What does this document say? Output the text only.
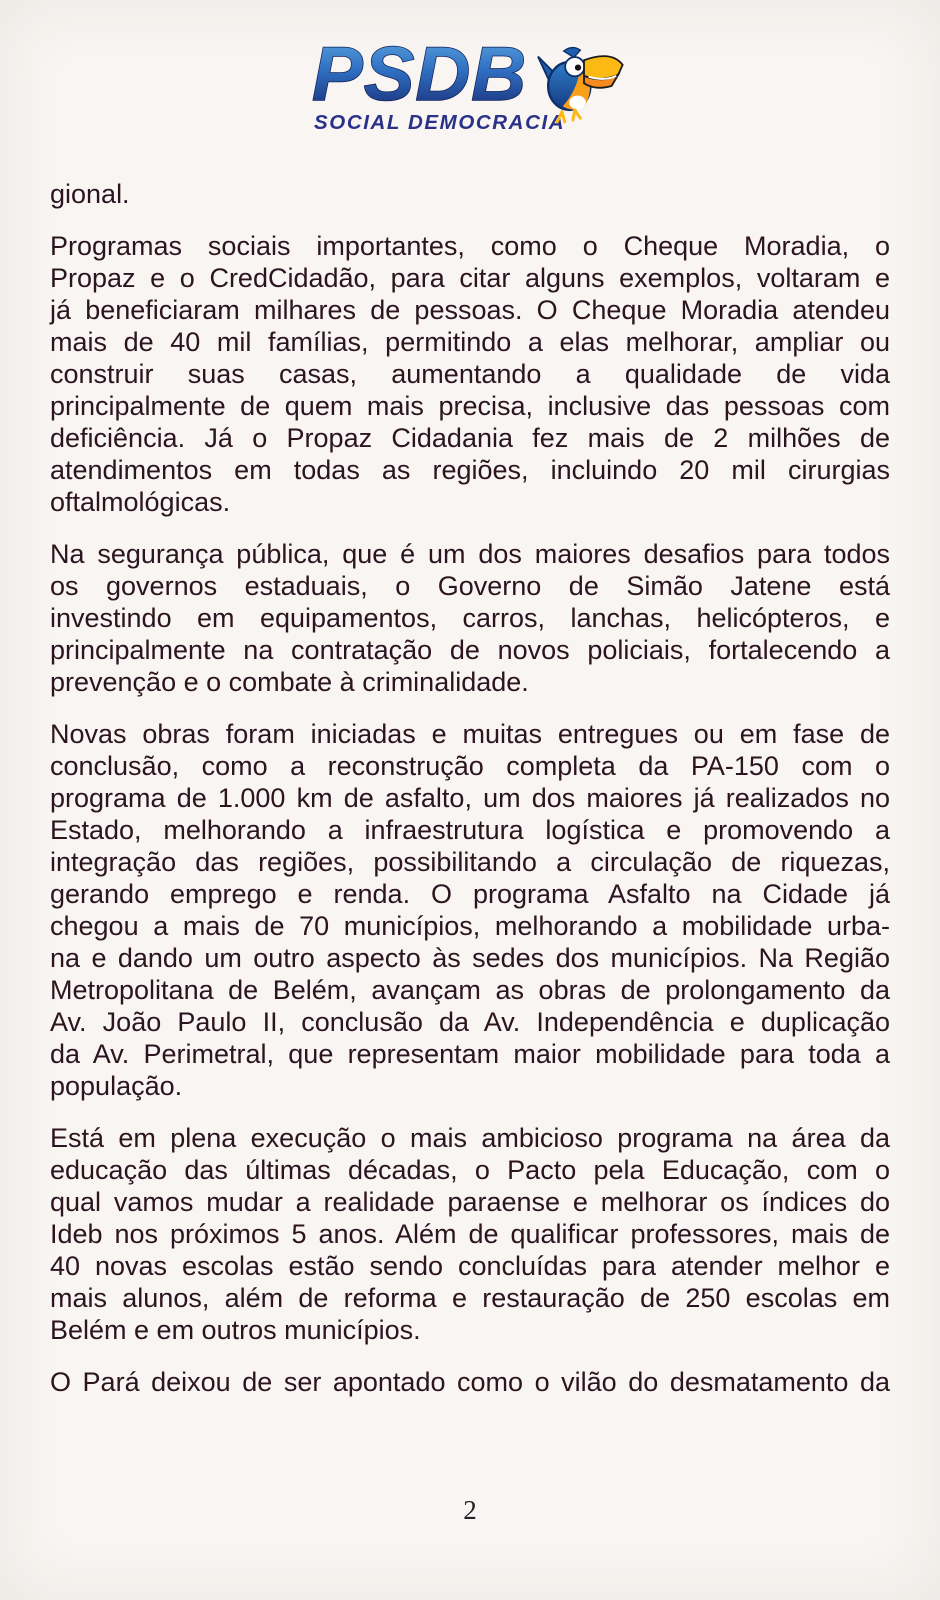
PSDB
SOCIAL DEMOCRACIA
gional.
Programas sociais importantes, como o Cheque Moradia, o
Propaz e o CredCidadão, para citar alguns exemplos, voltaram e
já beneficiaram milhares de pessoas. O Cheque Moradia atendeu
mais de 40 mil famílias, permitindo a elas melhorar, ampliar ou
construir suas casas, aumentando a qualidade de vida
principalmente de quem mais precisa, inclusive das pessoas com
deficiência. Já o Propaz Cidadania fez mais de 2 milhões de
atendimentos em todas as regiões, incluindo 20 mil cirurgias
oftalmológicas.
Na segurança pública, que é um dos maiores desafios para todos
os governos estaduais, o Governo de Simão Jatene está
investindo em equipamentos, carros, lanchas, helicópteros, e
principalmente na contratação de novos policiais, fortalecendo a
prevenção e o combate à criminalidade.
Novas obras foram iniciadas e muitas entregues ou em fase de
conclusão, como a reconstrução completa da PA-150 com o
programa de 1.000 km de asfalto, um dos maiores já realizados no
Estado, melhorando a infraestrutura logística e promovendo a
integração das regiões, possibilitando a circulação de riquezas,
gerando emprego e renda. O programa Asfalto na Cidade já
chegou a mais de 70 municípios, melhorando a mobilidade urba-
na e dando um outro aspecto às sedes dos municípios. Na Região
Metropolitana de Belém, avançam as obras de prolongamento da
Av. João Paulo II, conclusão da Av. Independência e duplicação
da Av. Perimetral, que representam maior mobilidade para toda a
população.
Está em plena execução o mais ambicioso programa na área da
educação das últimas décadas, o Pacto pela Educação, com o
qual vamos mudar a realidade paraense e melhorar os índices do
Ideb nos próximos 5 anos. Além de qualificar professores, mais de
40 novas escolas estão sendo concluídas para atender melhor e
mais alunos, além de reforma e restauração de 250 escolas em
Belém e em outros municípios.
O Pará deixou de ser apontado como o vilão do desmatamento da
2
